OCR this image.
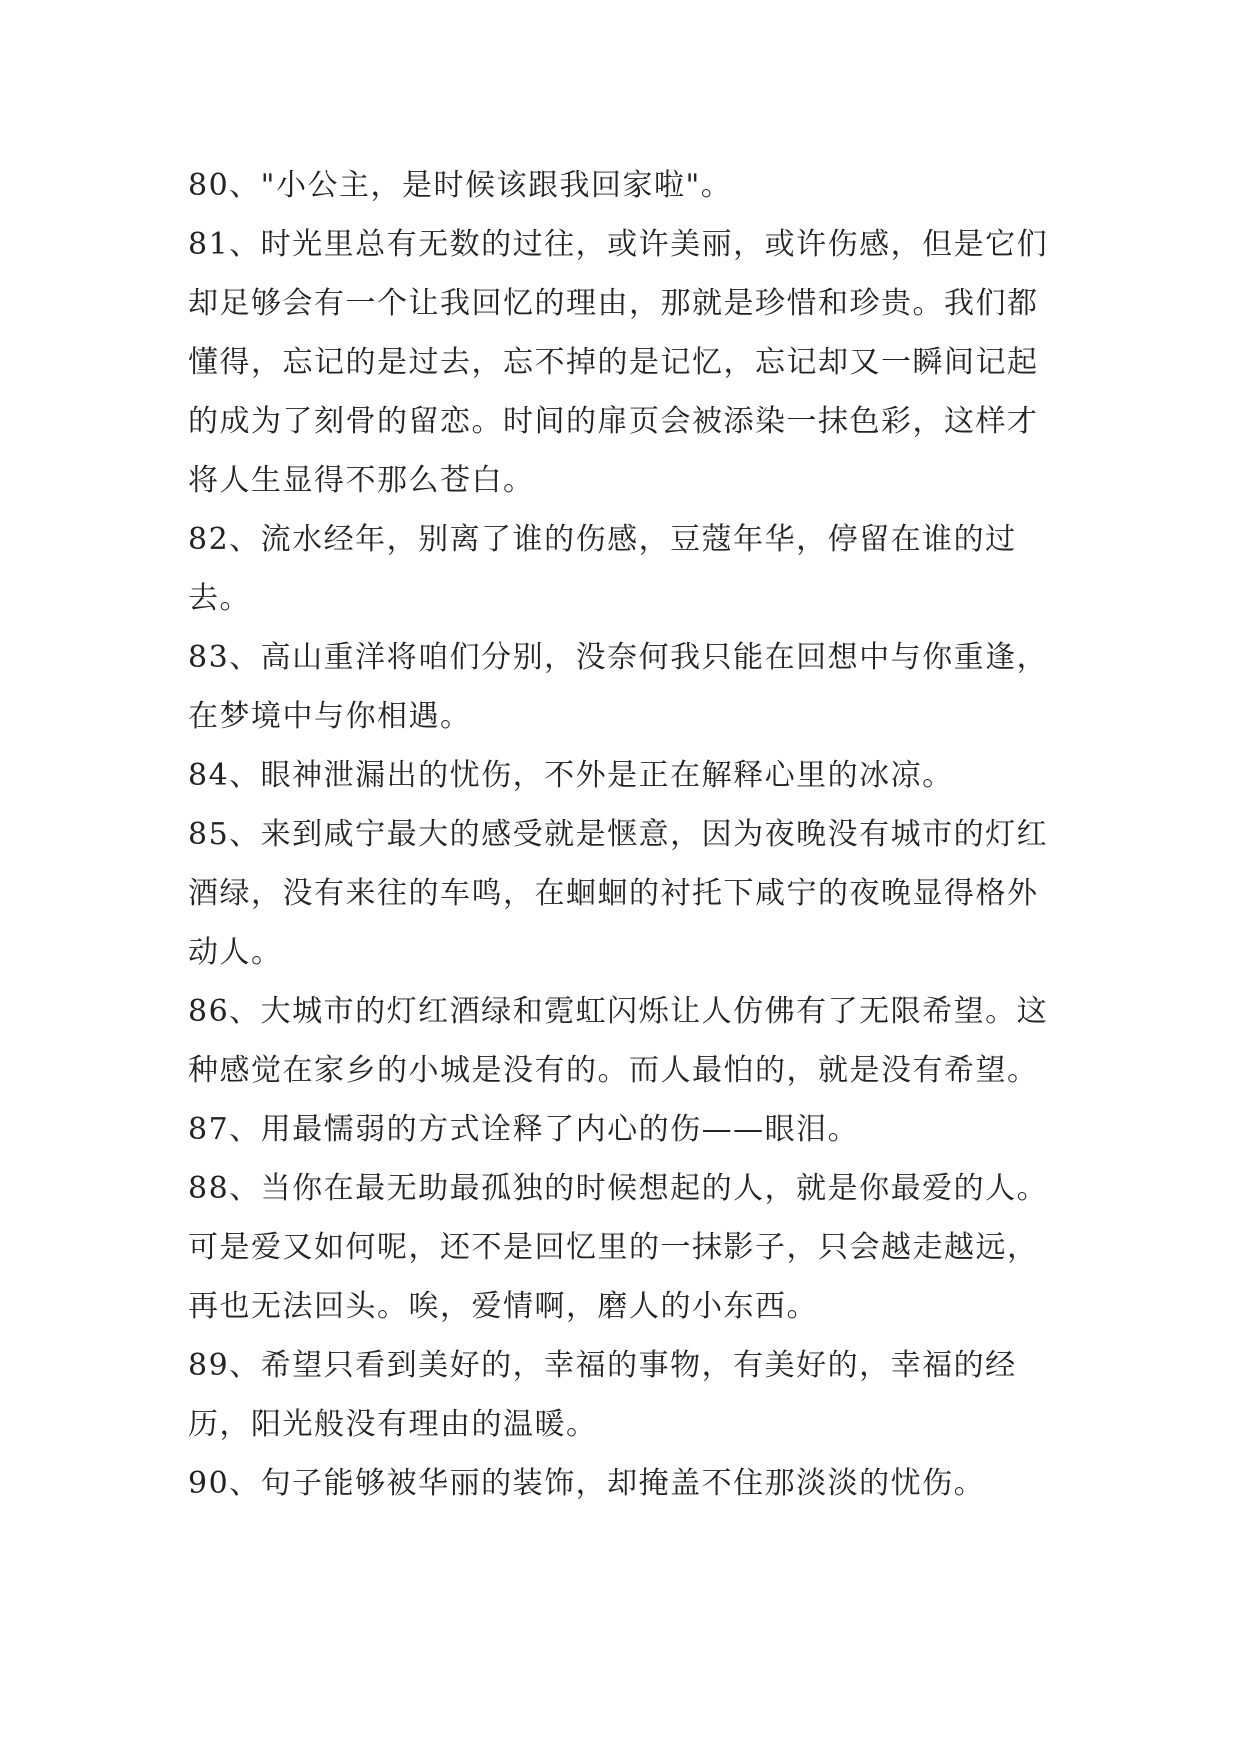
80、"小公主，是时候该跟我回家啦"。

81、时光里总有无数的过往，或许美丽，或许伤感，但是它们却足够会有一个让我回忆的理由，那就是珍惜和珍贵。我们都懂得，忘记的是过去，忘不掉的是记忆，忘记却又一瞬间记起的成为了刻骨的留恋。时间的扉页会被添染一抹色彩，这样才将人生显得不那么苍白。

82、流水经年，别离了谁的伤感，豆蔻年华，停留在谁的过去。

83、高山重洋将咱们分别，没奈何我只能在回想中与你重逢，在梦境中与你相遇。

84、眼神泄漏出的忧伤，不外是正在解释心里的冰凉。

85、来到咸宁最大的感受就是惬意，因为夜晚没有城市的灯红酒绿，没有来往的车鸣，在蛔蛔的衬托下咸宁的夜晚显得格外动人。

86、大城市的灯红酒绿和霓虹闪烁让人仿佛有了无限希望。这种感觉在家乡的小城是没有的。而人最怕的，就是没有希望。

87、用最懦弱的方式诠释了内心的伤——眼泪。

88、当你在最无助最孤独的时候想起的人，就是你最爱的人。可是爱又如何呢，还不是回忆里的一抹影子，只会越走越远，再也无法回头。唉，爱情啊，磨人的小东西。

89、希望只看到美好的，幸福的事物，有美好的，幸福的经历，阳光般没有理由的温暖。

90、句子能够被华丽的装饰，却掩盖不住那淡淡的忧伤。
